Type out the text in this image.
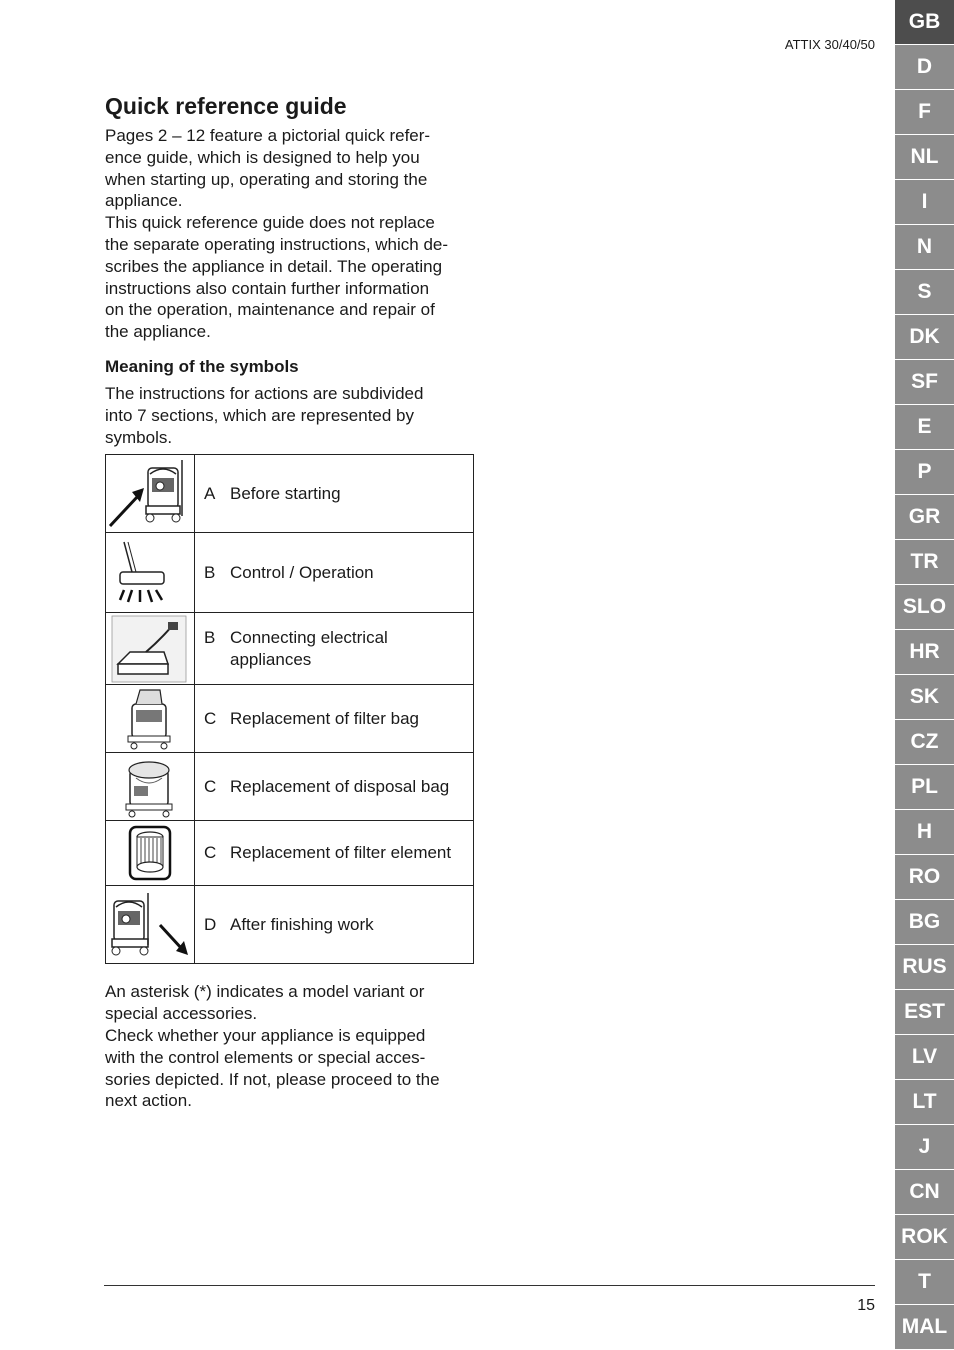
ATTIX 30/40/50
Quick reference guide

Pages 2 – 12 feature a pictorial quick refer-

ence guide, which is designed to help you

when starting up, operating and storing the

appliance.

This quick reference guide does not replace

the separate operating instructions, which de-

scribes the appliance in detail. The operating

instructions also contain further information

on the operation, maintenance and repair of

the appliance.

Meaning of the symbols

The instructions for actions are subdivided

into 7 sections, which are represented by

symbols.

A Before starting

B Control / Operation

B Connecting electrical appliances

C Replacement of filter bag

C Replacement of disposal bag

C Replacement of filter element

D After finishing work

An asterisk (*) indicates a model variant or

special accessories.

Check whether your appliance is equipped

with the control elements or special acces-

sories depicted. If not, please proceed to the

next action.

15
GB
D
F
NL
I
N
S
DK
SF
E
P
GR
TR
SLO
HR
SK
CZ
PL
H
RO
BG
RUS
EST
LV
LT
J
CN
ROK
T
MAL
